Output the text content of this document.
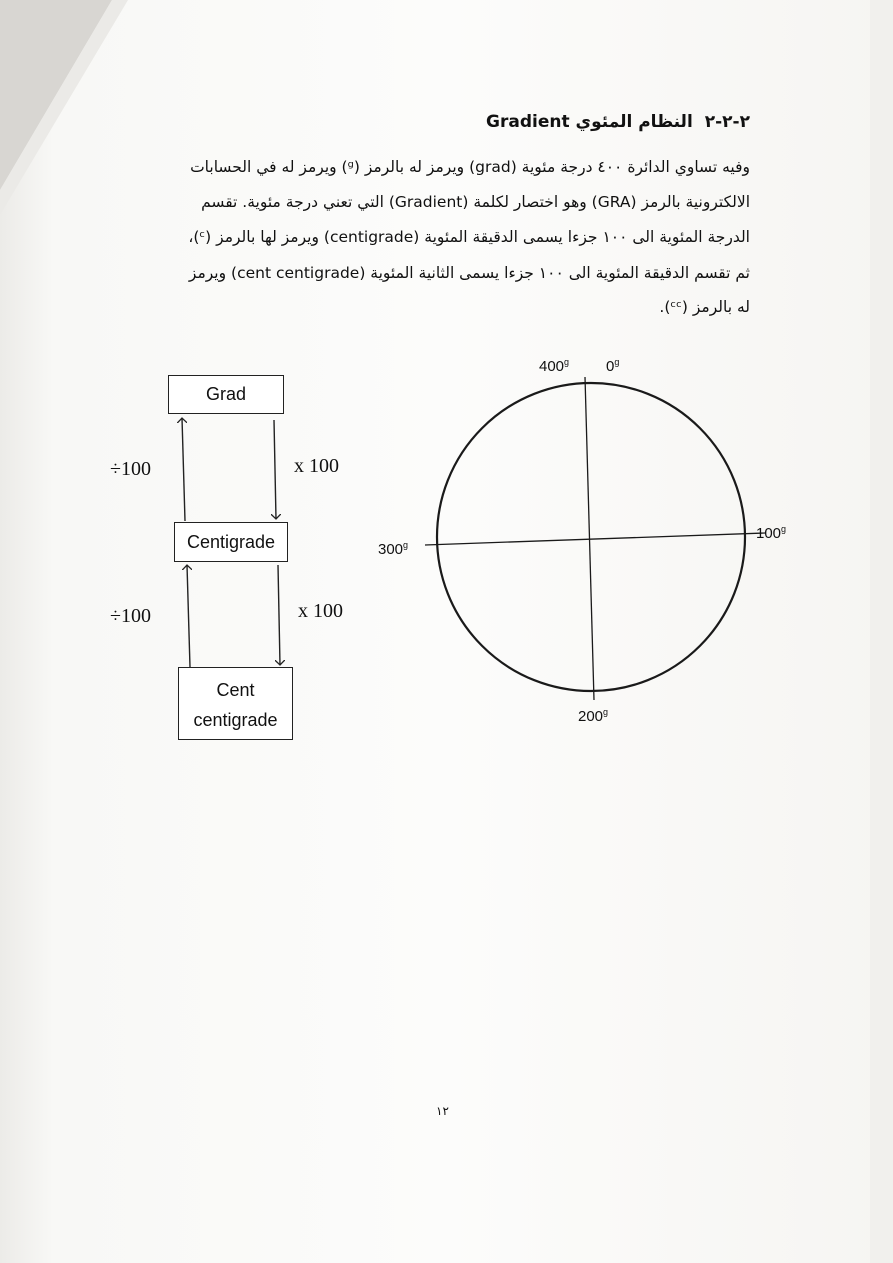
٢-٢-٢ النظام المئوي Gradient
وفيه تساوي الدائرة ٤٠٠ درجة مئوية (grad) ويرمز له بالرمز (ᵍ) ويرمز له في الحسابات
الالكترونية بالرمز (GRA) وهو اختصار لكلمة (Gradient) التي تعني درجة مئوية. تقسم
الدرجة المئوية الى ١٠٠ جزءا يسمى الدقيقة المئوية (centigrade) ويرمز لها بالرمز (ᶜ)،
ثم تقسم الدقيقة المئوية الى ١٠٠ جزءا يسمى الثانية المئوية (cent centigrade) ويرمز
له بالرمز (ᶜᶜ).
Grad
Centigrade
Cent
centigrade
÷100	x 100
÷100	x 100
400$^g$ 0$^g$
100$^g$
300$^g$
200$^g$
١٢
